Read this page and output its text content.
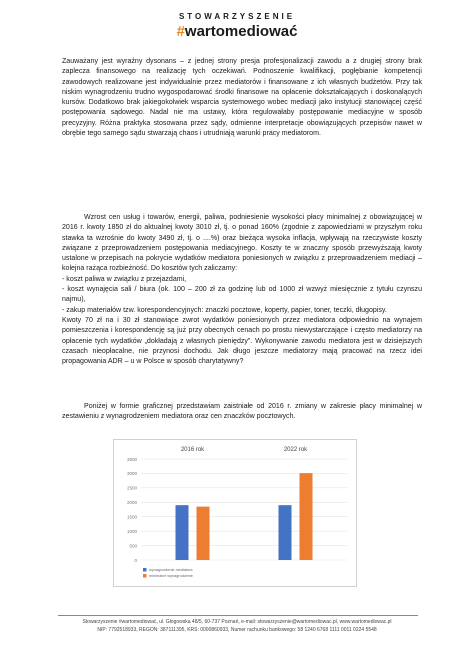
STOWARZYSZENIE
#wartomediować

Zauważany jest wyraźny dysonans – z jednej strony presja profesjonalizacji zawodu a z drugiej strony brak zaplecza finansowego na realizację tych oczekiwań. Podnoszenie kwalifikacji, pogłębianie kompetencji zawodowych realizowane jest indywidualnie przez mediatorów i finansowane z ich własnych budżetów. Przy tak niskim wynagrodzeniu trudno wygospodarować środki finansowe na opłacenie dokształcających i doskonalących kursów. Dodatkowo brak jakiegokolwiek wsparcia systemowego wobec mediacji jako instytucji stanowiącej część postępowania sądowego. Nadal nie ma ustawy, która regulowałaby postępowanie mediacyjne w sposób precyzyjny. Różna praktyka stosowana przez sądy, odmienne interpretacje obowiązujących przepisów nawet w obrębie tego samego sądu stwarzają chaos i utrudniają warunki pracy mediatorom.

Wzrost cen usług i towarów, energii, paliwa, podniesienie wysokości płacy minimalnej z obowiązującej w 2016 r. kwoty 1850 zł do aktualnej kwoty 3010 zł, tj. o ponad 160% (zgodnie z zapowiedziami w przyszłym roku stawka ta wzrośnie do kwoty 3490 zł, tj. o ....%) oraz bieżąca wysoka inflacja, wpływają na rzeczywiste koszty związane z przeprowadzeniem postępowania mediacyjnego. Koszty te w znaczny sposób przewyższają kwoty ustalone w przepisach na pokrycie wydatków mediatora poniesionych w związku z przeprowadzeniem mediacji – kolejna rażąca rozbieżność. Do kosztów tych zaliczamy:

- koszt paliwa w związku z przejazdami,

- koszt wynajęcia sali / biura (ok. 100 – 200 zł za godzinę lub od 1000 zł wzwyż miesięcznie z tytułu czynszu najmu),

- zakup materiałów tzw. korespondencyjnych: znaczki pocztowe, koperty, papier, toner, teczki, długopisy.

Kwoty 70 zł na i 30 zł stanowiące zwrot wydatków poniesionych przez mediatora odpowiednio na wynajem pomieszczenia i korespondencję są już przy obecnych cenach po prostu niewystarczające i często mediatorzy na opłacenie tych wydatków „dokładają z własnych pieniędzy”. Wykonywanie zawodu mediatora jest w dzisiejszych czasach nieopłacalne, nie przynosi dochodu. Jak długo jeszcze mediatorzy mają pracować na rzecz idei propagowania ADR – u w Polsce w sposób charytatywny?

Poniżej w formie graficznej przedstawiam zaistniałe od 2016 r. zmiany w zakresie płacy minimalnej w zestawieniu z wynagrodzeniem mediatora oraz cen znaczków pocztowych.

0
500
1000
1500
2000
2500
3000
3500
2016 rok	2022 rok
wynagrodzenie mediatora
minimalne wynagrodzenie
Stowarzyszenie #wartomediować, ul. Głogowska 48/5, 60-737 Poznań, e-mail: stowarzyszenie@wartomediowac.pl, www.wartomediowac.pl
NIP: 7792518933, REGON: 387111395, KRS: 0000860933, Numer rachunku bankowego: 58 1240 6768 1111 0011 0224 5548
